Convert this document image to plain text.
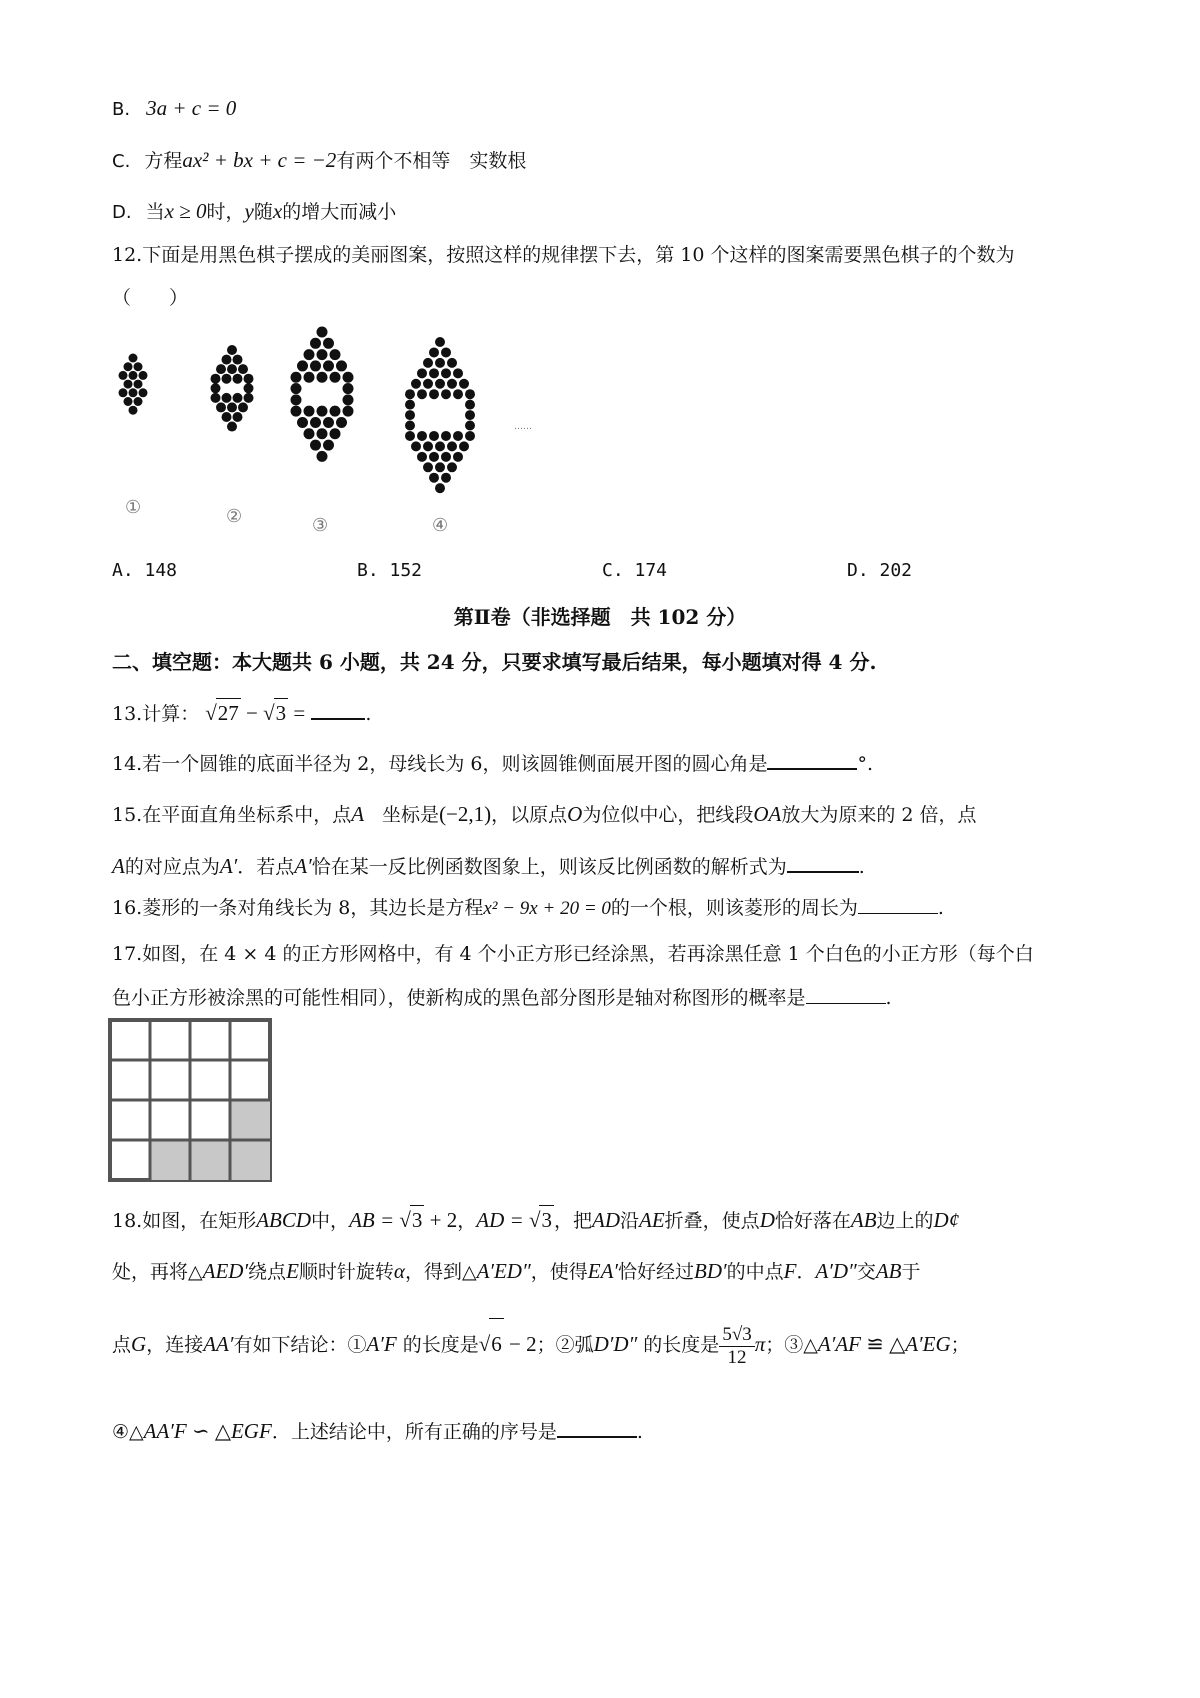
B. 3a + c = 0
C. 方程ax² + bx + c = −2有两个不相等　实数根
D. 当x ≥ 0时，y随x的增大而减小
12.下面是用黑色棋子摆成的美丽图案，按照这样的规律摆下去，第 10 个这样的图案需要黑色棋子的个数为
（　　）
①	②	③	④
……
A. 148	B. 152	C. 174	D. 202
第Ⅱ卷（非选择题　共 102 分）
二、填空题：本大题共 6 小题，共 24 分，只要求填写最后结果，每小题填对得 4 分.
13.计算： √27 − √3 =	.
14.若一个圆锥的底面半径为 2，母线长为 6，则该圆锥侧面展开图的圆心角是	°.
15.在平面直角坐标系中，点A 坐标是(−2,1)，以原点O为位似中心，把线段OA放大为原来的 2 倍，点
A的对应点为A′．若点A′恰在某一反比例函数图象上，则该反比例函数的解析式为	.
16.菱形的一条对角线长为 8，其边长是方程x² − 9x + 20 = 0的一个根，则该菱形的周长为	.
17.如图，在 4 × 4 的正方形网格中，有 4 个小正方形已经涂黑，若再涂黑任意 1 个白色的小正方形（每个白
色小正方形被涂黑的可能性相同），使新构成的黑色部分图形是轴对称图形的概率是	.
18.如图，在矩形ABCD中，AB = √3 + 2，AD = √3 ，把AD沿AE折叠，使点D恰好落在AB边上的D¢
处，再将△AED′绕点E顺时针旋转α，得到△A′ED″，使得EA′恰好经过BD′的中点F．A′D″交AB于
点G，连接AA′有如下结论：①A′F 的长度是√6 − 2；②弧D′D″ 的长度是 $\frac{5√3}{12}$ π；③△A′AF ≌ △A′EG；
④△AA′F ∽ △EGF．上述结论中，所有正确的序号是	.
